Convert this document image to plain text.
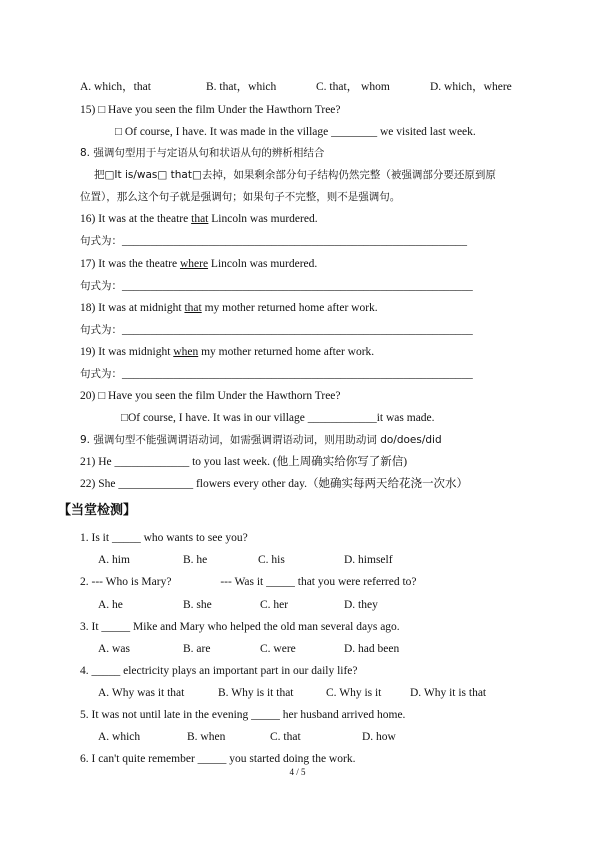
A. which，that	B. that，which	C. that， whom	D. which，where
15) □ Have you seen the film Under the Hawthorn Tree?
□ Of course, I have. It was made in the village ________ we visited last week.
8. 强调句型用于与定语从句和状语从句的辨析相结合
把□It is/was□ that□去掉，如果剩余部分句子结构仍然完整（被强调部分要还原到原
位置），那么这个句子就是强调句；如果句子不完整，则不是强调句。
16) It was at the theatre that Lincoln was murdered.
句式为：____________________________________________________________
17) It was the theatre where Lincoln was murdered.
句式为：_____________________________________________________________
18) It was at midnight that my mother returned home after work.
句式为：_____________________________________________________________
19) It was midnight when my mother returned home after work.
句式为：_____________________________________________________________
20) □ Have you seen the film Under the Hawthorn Tree?
□Of course, I have. It was in our village ____________it was made.
9. 强调句型不能强调谓语动词，如需强调谓语动词，则用助动词 do/does/did
21) He _____________ to you last week. (他上周确实给你写了新信)
22) She _____________ flowers every other day.（她确实每两天给花浇一次水）
【当堂检测】
1. Is it _____ who wants to see you?
A. him	B. he	C. his	D. himself
2. --- Who is Mary?                 --- Was it _____ that you were referred to?
A. he	B. she	C. her	D. they
3. It _____ Mike and Mary who helped the old man several days ago.
A. was	B. are	C. were	D. had been
4. _____ electricity plays an important part in our daily life?
A. Why was it that	B. Why is it that	C. Why is it D. Why it is that
5. It was not until late in the evening _____ her husband arrived home.
A. which	B. when	C. that	D. how
6. I can't quite remember _____ you started doing the work.
4 / 5
